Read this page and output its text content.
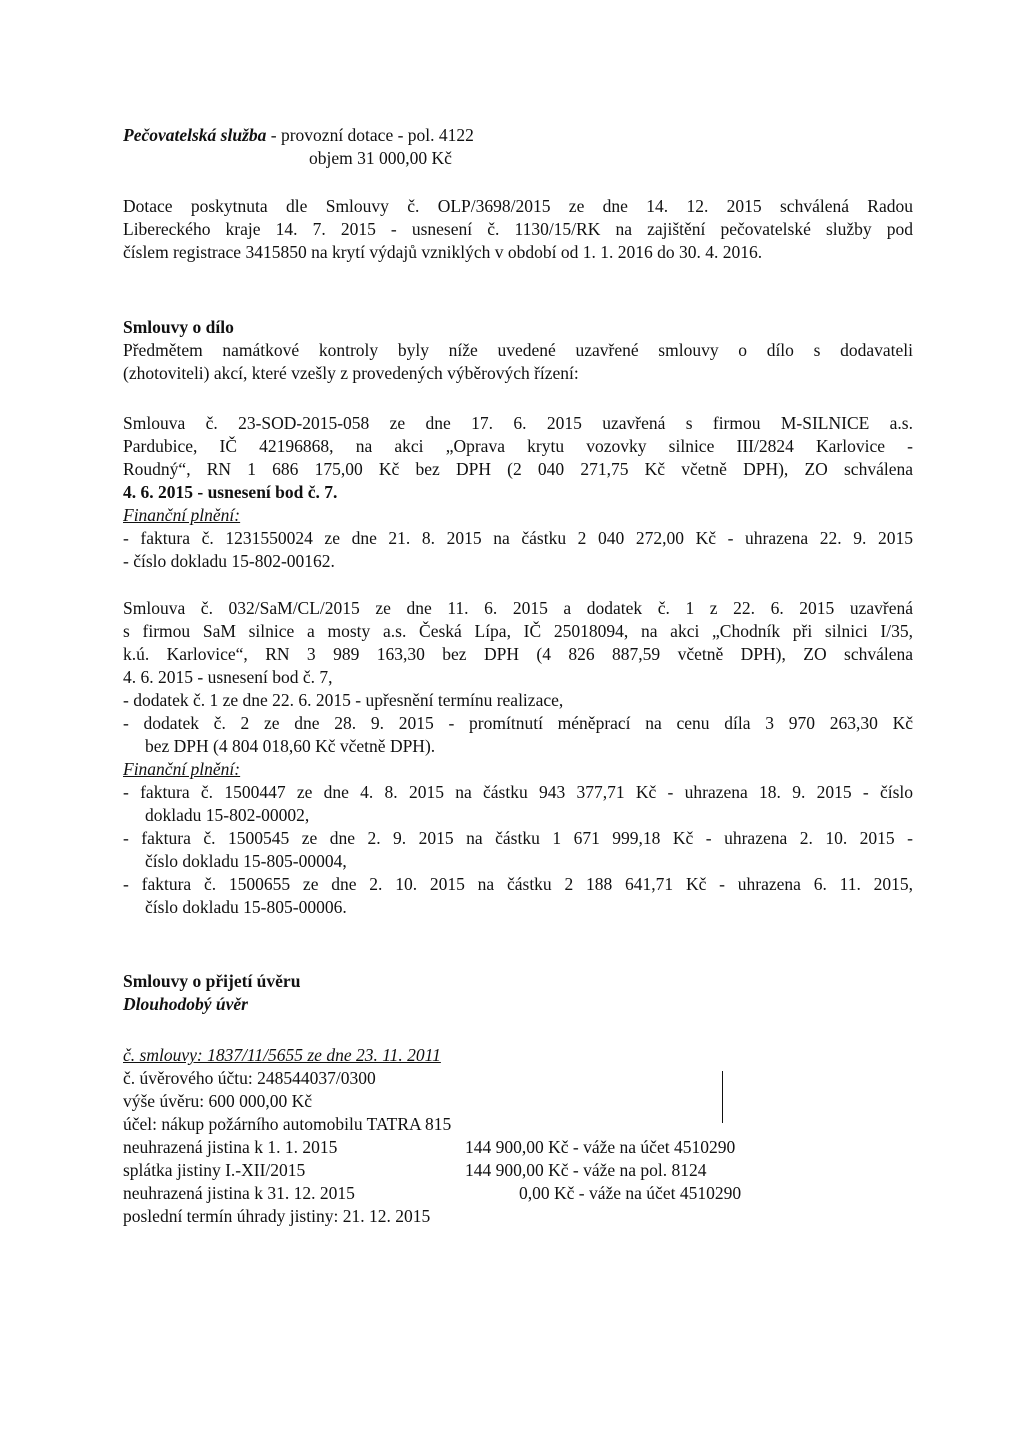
Pečovatelská služba - provozní dotace - pol. 4122
objem 31 000,00 Kč
Dotace poskytnuta dle Smlouvy č. OLP/3698/2015 ze dne 14. 12. 2015 schválená Radou
Libereckého kraje 14. 7. 2015 - usnesení č. 1130/15/RK na zajištění pečovatelské služby pod
číslem registrace 3415850 na krytí výdajů vzniklých v období od 1. 1. 2016 do 30. 4. 2016.
Smlouvy o dílo
Předmětem namátkové kontroly byly níže uvedené uzavřené smlouvy o dílo s dodavateli
(zhotoviteli) akcí, které vzešly z provedených výběrových řízení:
Smlouva č. 23-SOD-2015-058 ze dne 17. 6. 2015 uzavřená s firmou M-SILNICE a.s.
Pardubice, IČ 42196868, na akci „Oprava krytu vozovky silnice III/2824 Karlovice -
Roudný“, RN 1 686 175,00 Kč bez DPH (2 040 271,75 Kč včetně DPH), ZO schválena
4. 6. 2015 - usnesení bod č. 7.
Finanční plnění:
- faktura č. 1231550024 ze dne 21. 8. 2015 na částku 2 040 272,00 Kč - uhrazena 22. 9. 2015
- číslo dokladu 15-802-00162.
Smlouva č. 032/SaM/CL/2015 ze dne 11. 6. 2015 a dodatek č. 1 z 22. 6. 2015 uzavřená
s firmou SaM silnice a mosty a.s. Česká Lípa, IČ 25018094, na akci „Chodník při silnici I/35,
k.ú. Karlovice“, RN 3 989 163,30 bez DPH (4 826 887,59 včetně DPH), ZO schválena
4. 6. 2015 - usnesení bod č. 7,
- dodatek č. 1 ze dne 22. 6. 2015 - upřesnění termínu realizace,
- dodatek č. 2 ze dne 28. 9. 2015 - promítnutí méněprací na cenu díla 3 970 263,30 Kč
bez DPH (4 804 018,60 Kč včetně DPH).
Finanční plnění:
- faktura č. 1500447 ze dne 4. 8. 2015 na částku 943 377,71 Kč - uhrazena 18. 9. 2015 - číslo
dokladu 15-802-00002,
- faktura č. 1500545 ze dne 2. 9. 2015 na částku 1 671 999,18 Kč - uhrazena 2. 10. 2015 -
číslo dokladu 15-805-00004,
- faktura č. 1500655 ze dne 2. 10. 2015 na částku 2 188 641,71 Kč - uhrazena 6. 11. 2015,
číslo dokladu 15-805-00006.
Smlouvy o přijetí úvěru
Dlouhodobý úvěr
č. smlouvy: 1837/11/5655 ze dne 23. 11. 2011
č. úvěrového účtu: 248544037/0300
výše úvěru: 600 000,00 Kč
účel: nákup požárního automobilu TATRA 815
neuhrazená jistina k 1. 1. 2015	144 900,00 Kč - váže na účet 4510290
splátka jistiny I.-XII/2015	144 900,00 Kč - váže na pol. 8124
neuhrazená jistina k 31. 12. 2015	0,00 Kč - váže na účet 4510290
poslední termín úhrady jistiny: 21. 12. 2015
